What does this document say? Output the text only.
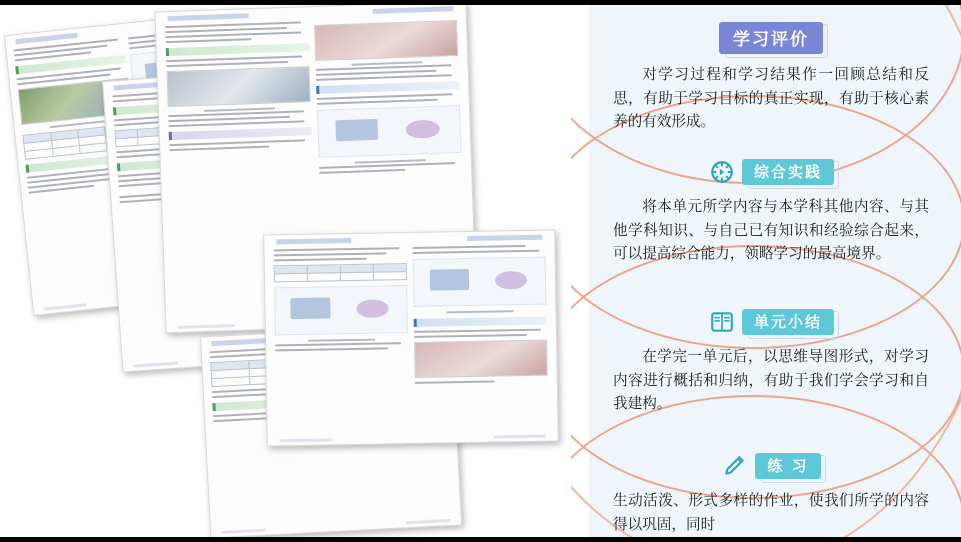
学习评价
对学习过程和学习结果作一回顾总结和反思，有助于学习目标的真正实现，有助于核心素养的有效形成。
综合实践
将本单元所学内容与本学科其他内容、与其他学科知识、与自己已有知识和经验综合起来，可以提高综合能力，领略学习的最高境界。
单元小结
在学完一单元后，以思维导图形式，对学习内容进行概括和归纳，有助于我们学会学习和自我建构。
练 习
生动活泼、形式多样的作业，使我们所学的内容得以巩固，同时
